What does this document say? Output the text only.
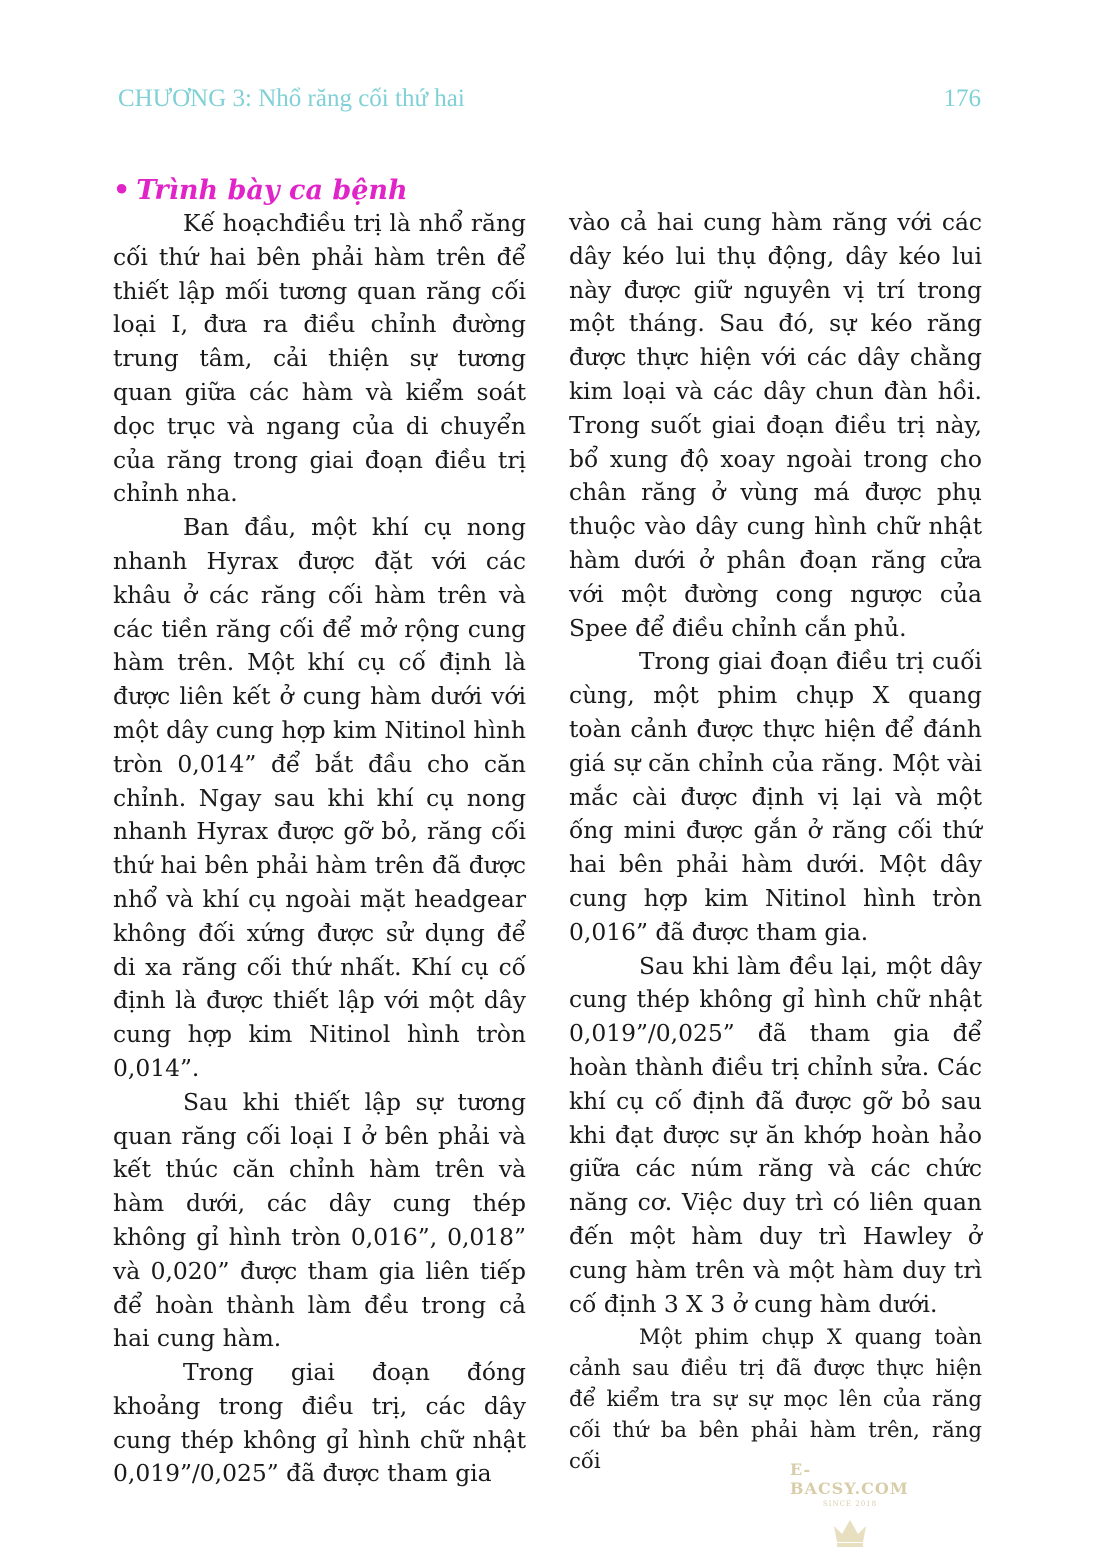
CHƯƠNG 3: Nhổ răng cối thứ hai	176
• Trình bày ca bệnh

Kế hoạchđiều trị là nhổ răng cối thứ hai bên phải hàm trên để thiết lập mối tương quan răng cối loại I, đưa ra điều chỉnh đường trung tâm, cải thiện sự tương quan giữa các hàm và kiểm soát dọc trục và ngang của di chuyển của răng trong giai đoạn điều trị chỉnh nha.

Ban đầu, một khí cụ nong nhanh Hyrax được đặt với các khâu ở các răng cối hàm trên và các tiền răng cối để mở rộng cung hàm trên. Một khí cụ cố định là được liên kết ở cung hàm dưới với một dây cung hợp kim Nitinol hình tròn 0,014” để bắt đầu cho căn chỉnh. Ngay sau khi khí cụ nong nhanh Hyrax được gỡ bỏ, răng cối thứ hai bên phải hàm trên đã được nhổ và khí cụ ngoài mặt headgear không đối xứng được sử dụng để di xa răng cối thứ nhất. Khí cụ cố định là được thiết lập với một dây cung hợp kim Nitinol hình tròn 0,014”.

Sau khi thiết lập sự tương quan răng cối loại I ở bên phải và kết thúc căn chỉnh hàm trên và hàm dưới, các dây cung thép không gỉ hình tròn 0,016”, 0,018” và 0,020” được tham gia liên tiếp để hoàn thành làm đều trong cả hai cung hàm.

Trong giai đoạn đóng khoảng trong điều trị, các dây cung thép không gỉ hình chữ nhật 0,019”/0,025” đã được tham gia

vào cả hai cung hàm răng với các dây kéo lui thụ động, dây kéo lui này được giữ nguyên vị trí trong một tháng. Sau đó, sự kéo răng được thực hiện với các dây chằng kim loại và các dây chun đàn hồi. Trong suốt giai đoạn điều trị này, bổ xung độ xoay ngoài trong cho chân răng ở vùng má được phụ thuộc vào dây cung hình chữ nhật hàm dưới ở phân đoạn răng cửa với một đường cong ngược của Spee để điều chỉnh cắn phủ.

Trong giai đoạn điều trị cuối cùng, một phim chụp X quang toàn cảnh được thực hiện để đánh giá sự căn chỉnh của răng. Một vài mắc cài được định vị lại và một ống mini được gắn ở răng cối thứ hai bên phải hàm dưới. Một dây cung hợp kim Nitinol hình tròn 0,016” đã được tham gia.

Sau khi làm đều lại, một dây cung thép không gỉ hình chữ nhật 0,019”/0,025” đã tham gia để hoàn thành điều trị chỉnh sửa. Các khí cụ cố định đã được gỡ bỏ sau khi đạt được sự ăn khớp hoàn hảo giữa các núm răng và các chức năng cơ. Việc duy trì có liên quan đến một hàm duy trì Hawley ở cung hàm trên và một hàm duy trì cố định 3 X 3 ở cung hàm dưới.

Một phim chụp X quang toàn cảnh sau điều trị đã được thực hiện để kiểm tra sự sự mọc lên của răng cối thứ ba bên phải hàm trên, răng cối	E-BACSY.COM
SINCE 2018
